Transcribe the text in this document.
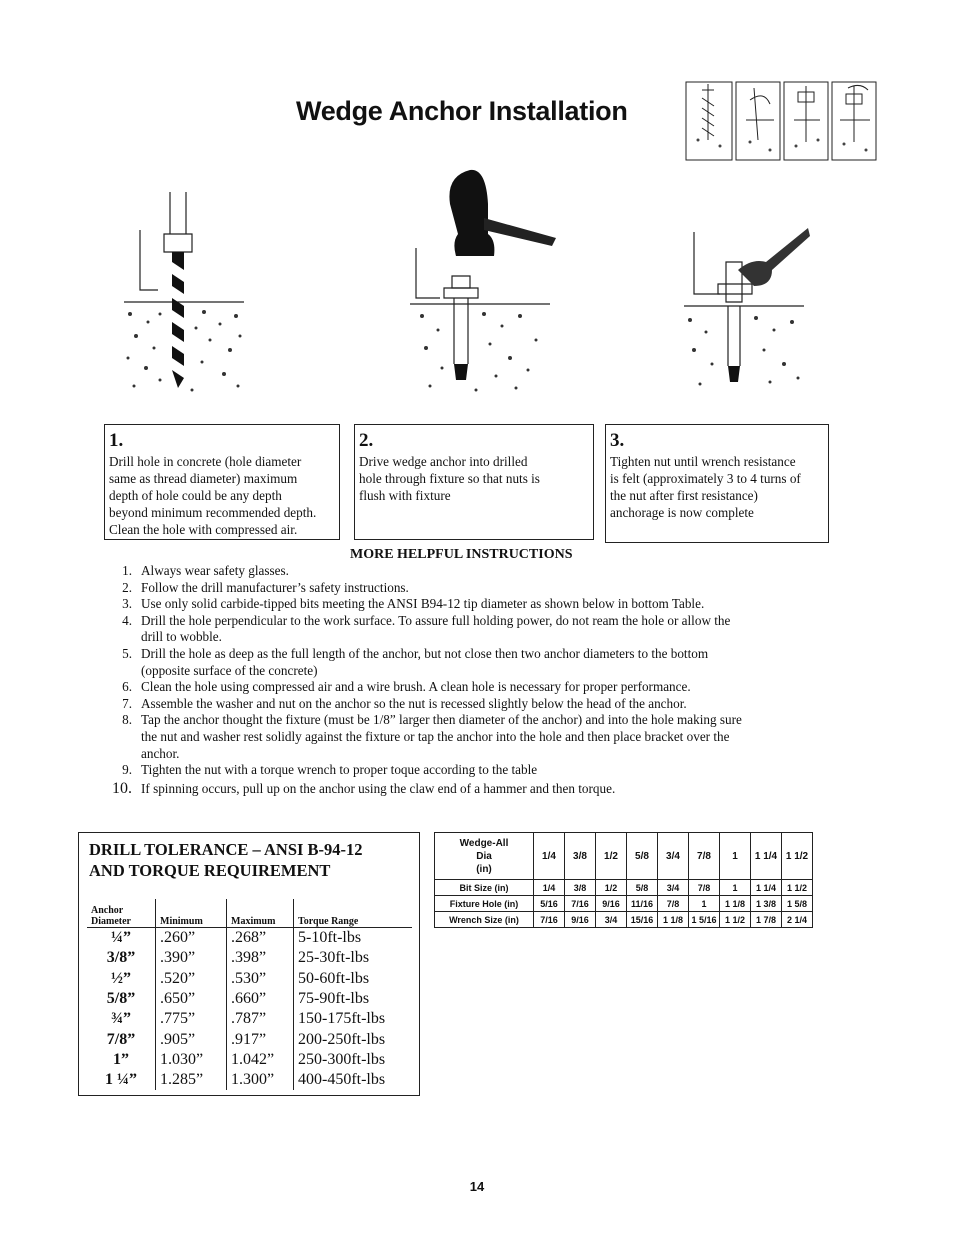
Wedge Anchor Installation
1.
Drill hole in concrete (hole diameter
same as thread diameter) maximum
depth of hole could be any depth
beyond minimum recommended depth.
Clean the hole with compressed air.
2.
Drive wedge anchor into drilled
hole through fixture so that nuts is
flush with fixture
3.
Tighten nut until wrench resistance
is felt (approximately 3 to 4 turns of
the nut after first resistance)
anchorage is now complete
MORE HELPFUL INSTRUCTIONS
1. Always wear safety glasses.
2. Follow the drill manufacturer’s safety instructions.
3. Use only solid carbide-tipped bits meeting the ANSI B94-12 tip diameter as shown below in bottom Table.
4. Drill the hole perpendicular to the work surface. To assure full holding power, do not ream the hole or allow the
drill to wobble.
5. Drill the hole as deep as the full length of the anchor, but not close then two anchor diameters to the bottom
(opposite surface of the concrete)
6. Clean the hole using compressed air and a wire brush. A clean hole is necessary for proper performance.
7. Assemble the washer and nut on the anchor so the nut is recessed slightly below the head of the anchor.
8. Tap the anchor thought the fixture (must be 1/8” larger then diameter of the anchor) and into the hole making sure
the nut and washer rest solidly against the fixture or tap the anchor into the hole and then place bracket over the
anchor.
9. Tighten the nut with a torque wrench to proper toque according to the table
10. If spinning occurs, pull up on the anchor using the claw end of a hammer and then torque.
DRILL TOLERANCE – ANSI B-94-12
AND TORQUE REQUIREMENT
Anchor Diameter	Minimum	Maximum	Torque Range
¼”	.260”	.268”	5-10ft-lbs
3/8”	.390”	.398”	25-30ft-lbs
½”	.520”	.530”	50-60ft-lbs
5/8”	.650”	.660”	75-90ft-lbs
¾”	.775”	.787”	150-175ft-lbs
7/8”	.905”	.917”	200-250ft-lbs
1”	1.030”	1.042”	250-300ft-lbs
1 ¼”	1.285”	1.300”	400-450ft-lbs
Wedge-All
Dia
(in)	1/4	3/8	1/2	5/8	3/4	7/8	1	1 1/4	1 1/2
Bit Size (in)	1/4	3/8	1/2	5/8	3/4	7/8	1	1 1/4	1 1/2
Fixture Hole (in)	5/16	7/16	9/16	11/16	7/8	1	1 1/8	1 3/8	1 5/8
Wrench Size (in)	7/16	9/16	3/4	15/16	1 1/8	1 5/16	1 1/2	1 7/8	2 1/4
14
